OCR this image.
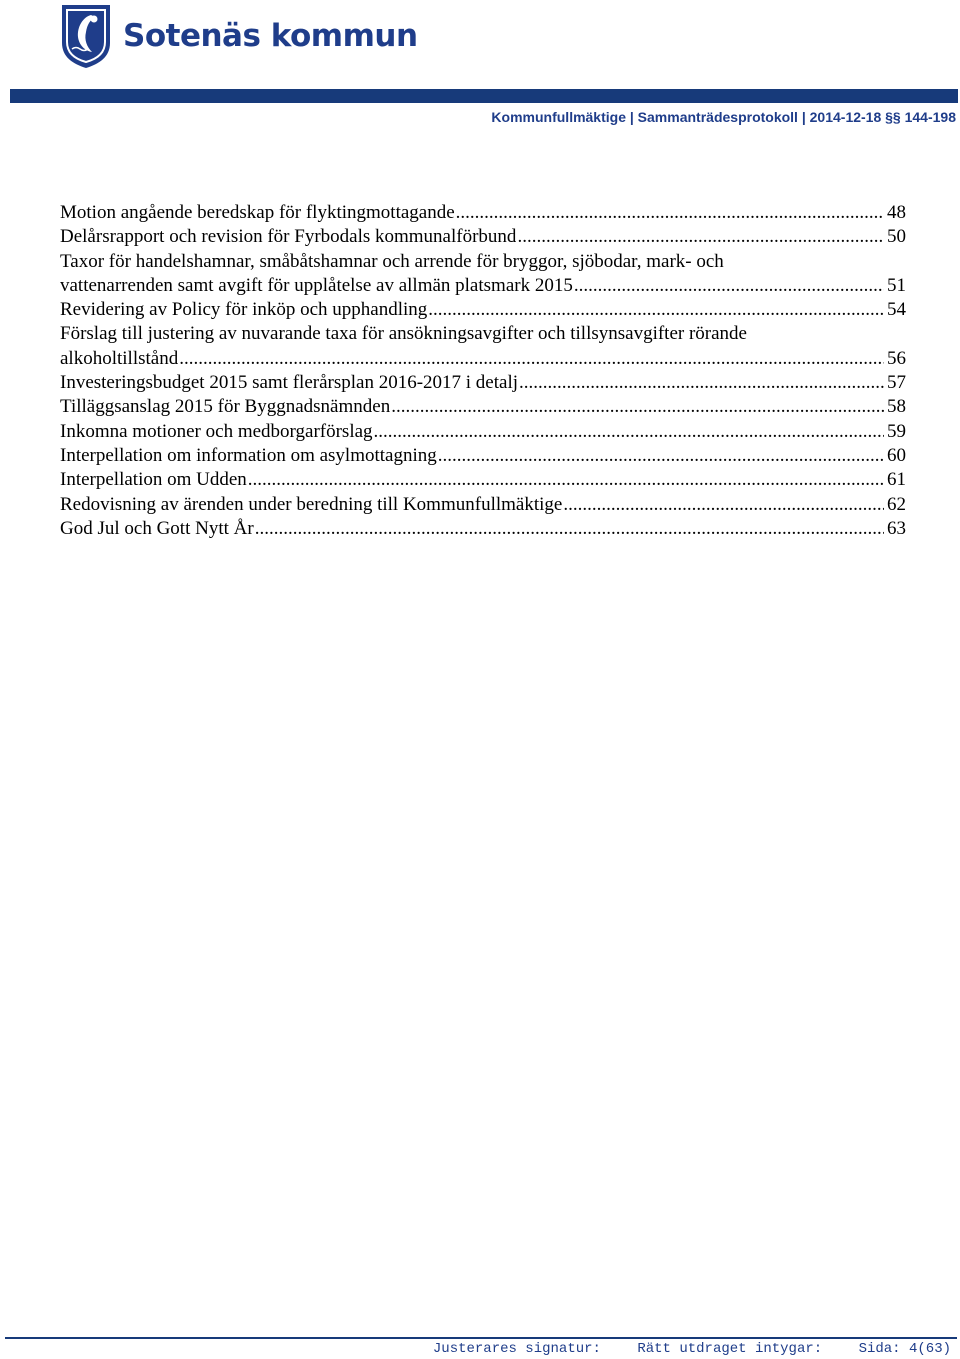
Sotenäs kommun
Kommunfullmäktige | Sammanträdesprotokoll | 2014-12-18 §§ 144-198
Motion angående beredskap för flyktingmottagande .....	48
Delårsrapport och revision för Fyrbodals kommunalförbund .....	50
Taxor för handelshamnar, småbåtshamnar och arrende för bryggor, sjöbodar, mark- och
vattenarrenden samt avgift för upplåtelse av allmän platsmark 2015 .....	51
Revidering av Policy för inköp och upphandling .....	54
Förslag till justering av nuvarande taxa för ansökningsavgifter och tillsynsavgifter rörande
alkoholtillstånd .....	56
Investeringsbudget 2015 samt flerårsplan 2016-2017 i detalj .....	57
Tilläggsanslag 2015 för Byggnadsnämnden .....	58
Inkomna motioner och medborgarförslag .....	59
Interpellation om information om asylmottagning .....	60
Interpellation om Udden .....	61
Redovisning av ärenden under beredning till Kommunfullmäktige .....	62
God Jul och Gott Nytt År .....	63
Justerares signatur:	Rätt utdraget intygar:	Sida: 4(63)
